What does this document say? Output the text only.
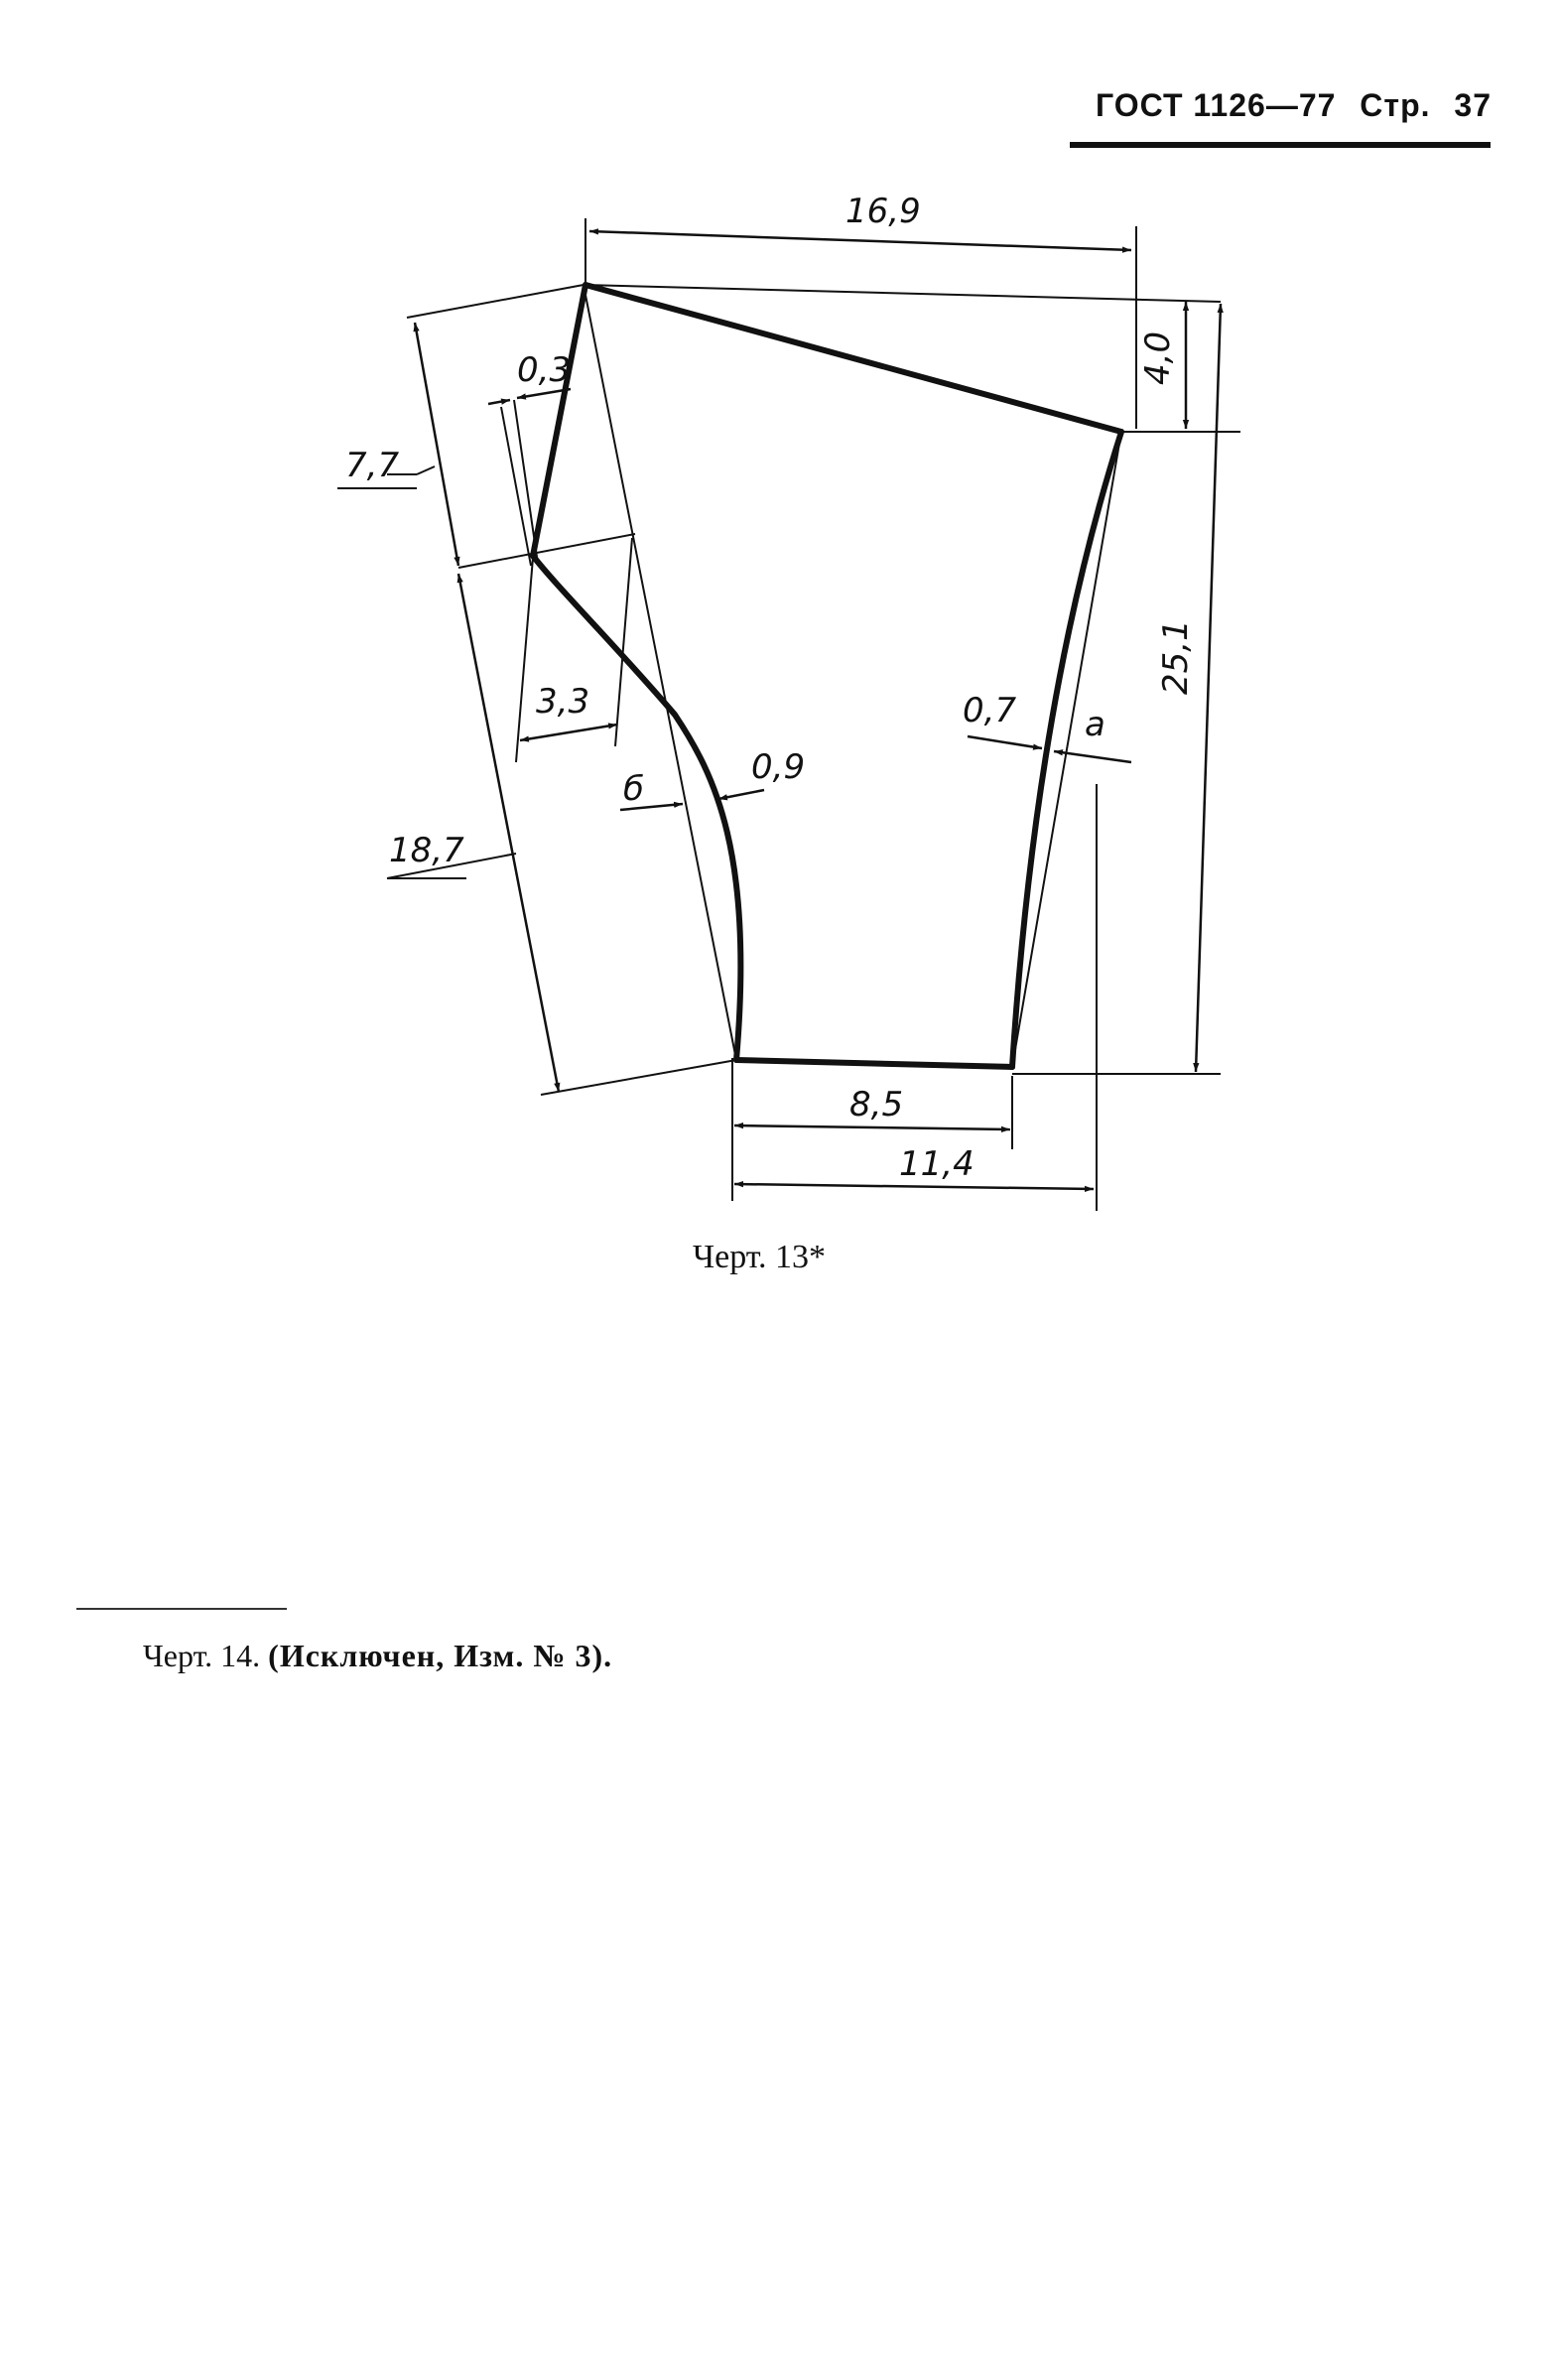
ГОСТ 1126—77 Стр. 37
16,9
4,0
25,1
7,7
0,3
3,3
18,7
0,9
б
0,7 а
8,5
11,4
Черт. 13*
Черт. 14. (Исключен, Изм. № 3).
